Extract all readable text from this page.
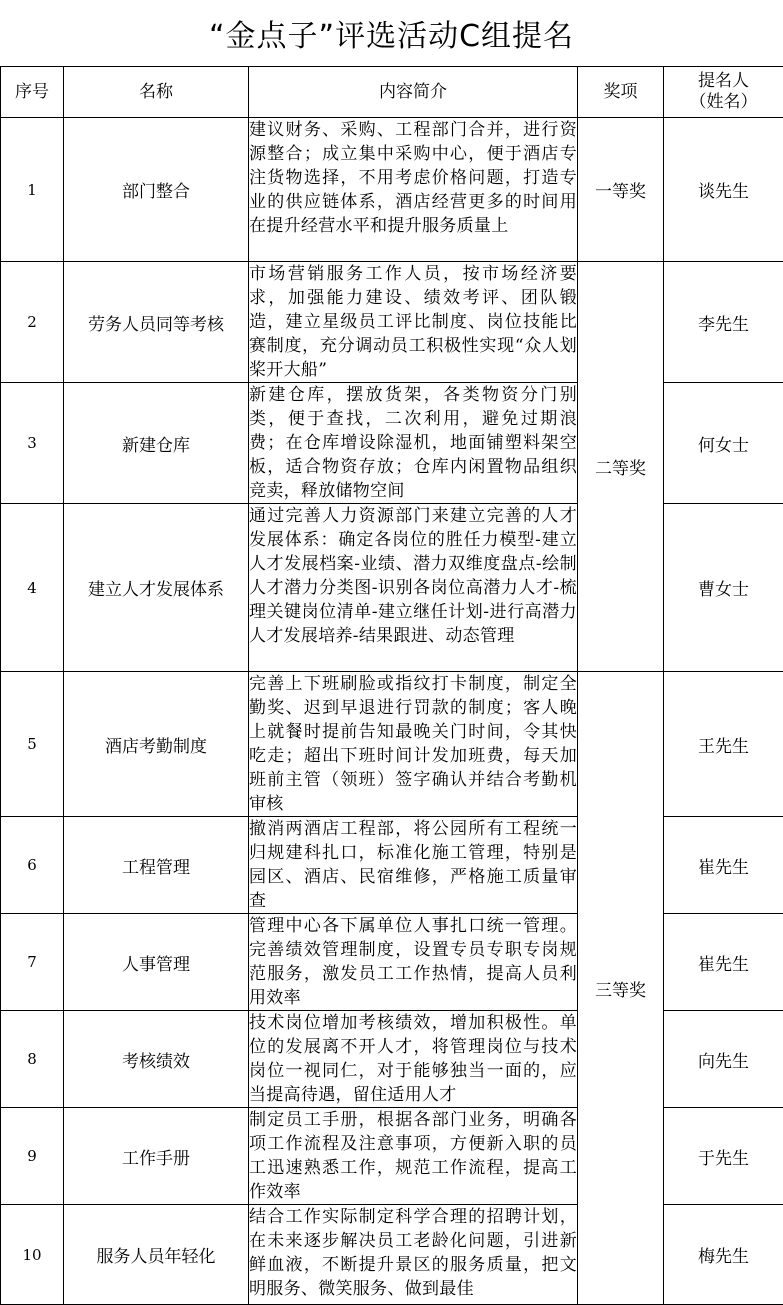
“金点子”评选活动C组提名
序号	名称	内容简介	奖项	提名人
（姓名）
1	部门整合	建议财务、采购、工程部门合并，进行资源整合；成立集中采购中心，便于酒店专注货物选择，不用考虑价格问题，打造专业的供应链体系，酒店经营更多的时间用在提升经营水平和提升服务质量上	一等奖	谈先生
2	劳务人员同等考核	市场营销服务工作人员，按市场经济要求，加强能力建设、绩效考评、团队锻造，建立星级员工评比制度、岗位技能比赛制度，充分调动员工积极性实现“众人划桨开大船”	二等奖	李先生
3	新建仓库	新建仓库，摆放货架，各类物资分门别类，便于查找，二次利用，避免过期浪费；在仓库增设除湿机，地面铺塑料架空板，适合物资存放；仓库内闲置物品组织竞卖，释放储物空间		何女士
4	建立人才发展体系	通过完善人力资源部门来建立完善的人才发展体系：确定各岗位的胜任力模型-建立人才发展档案-业绩、潜力双维度盘点-绘制人才潜力分类图-识别各岗位高潜力人才-梳理关键岗位清单-建立继任计划-进行高潜力人才发展培养-结果跟进、动态管理		曹女士
5	酒店考勤制度	完善上下班刷脸或指纹打卡制度，制定全勤奖、迟到早退进行罚款的制度；客人晚上就餐时提前告知最晚关门时间，令其快吃走；超出下班时间计发加班费，每天加班前主管（领班）签字确认并结合考勤机审核	三等奖	王先生
6	工程管理	撤消两酒店工程部，将公园所有工程统一归规建科扎口，标准化施工管理，特别是园区、酒店、民宿维修，严格施工质量审查		崔先生
7	人事管理	管理中心各下属单位人事扎口统一管理。完善绩效管理制度，设置专员专职专岗规范服务，激发员工工作热情，提高人员利用效率		崔先生
8	考核绩效	技术岗位增加考核绩效，增加积极性。单位的发展离不开人才，将管理岗位与技术岗位一视同仁，对于能够独当一面的，应当提高待遇，留住适用人才		向先生
9	工作手册	制定员工手册，根据各部门业务，明确各项工作流程及注意事项，方便新入职的员工迅速熟悉工作，规范工作流程，提高工作效率		于先生
10	服务人员年轻化	结合工作实际制定科学合理的招聘计划，在未来逐步解决员工老龄化问题，引进新鲜血液，不断提升景区的服务质量，把文明服务、微笑服务、做到最佳		梅先生
